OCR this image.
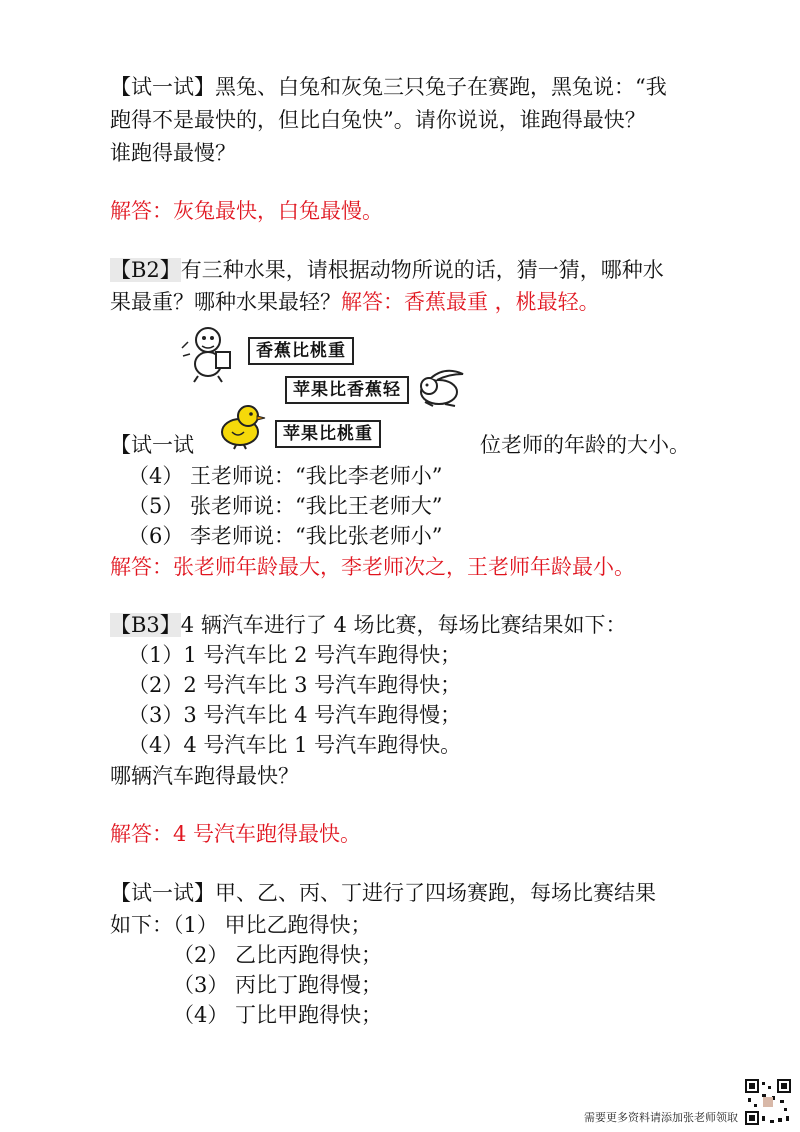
【试一试】黑兔、白兔和灰兔三只兔子在赛跑，黑兔说：“我
跑得不是最快的，但比白兔快”。请你说说，谁跑得最快？
谁跑得最慢？
解答：灰兔最快，白兔最慢。
【B2】有三种水果，请根据动物所说的话，猜一猜，哪种水
果最重？哪种水果最轻？解答：香蕉最重 ，桃最轻。
香蕉比桃重
苹果比香蕉轻
苹果比桃重
【试一试	位老师的年龄的大小。
（4） 王老师说：“我比李老师小”
（5） 张老师说：“我比王老师大”
（6） 李老师说：“我比张老师小”
解答：张老师年龄最大，李老师次之，王老师年龄最小。
【B3】4 辆汽车进行了 4 场比赛，每场比赛结果如下：
（1）1 号汽车比 2 号汽车跑得快；
（2）2 号汽车比 3 号汽车跑得快；
（3）3 号汽车比 4 号汽车跑得慢；
（4）4 号汽车比 1 号汽车跑得快。
哪辆汽车跑得最快？
解答：4 号汽车跑得最快。
【试一试】甲、乙、丙、丁进行了四场赛跑，每场比赛结果
如下：（1） 甲比乙跑得快；
（2） 乙比丙跑得快；
（3） 丙比丁跑得慢；
（4） 丁比甲跑得快；
需要更多资料请添加张老师领取
